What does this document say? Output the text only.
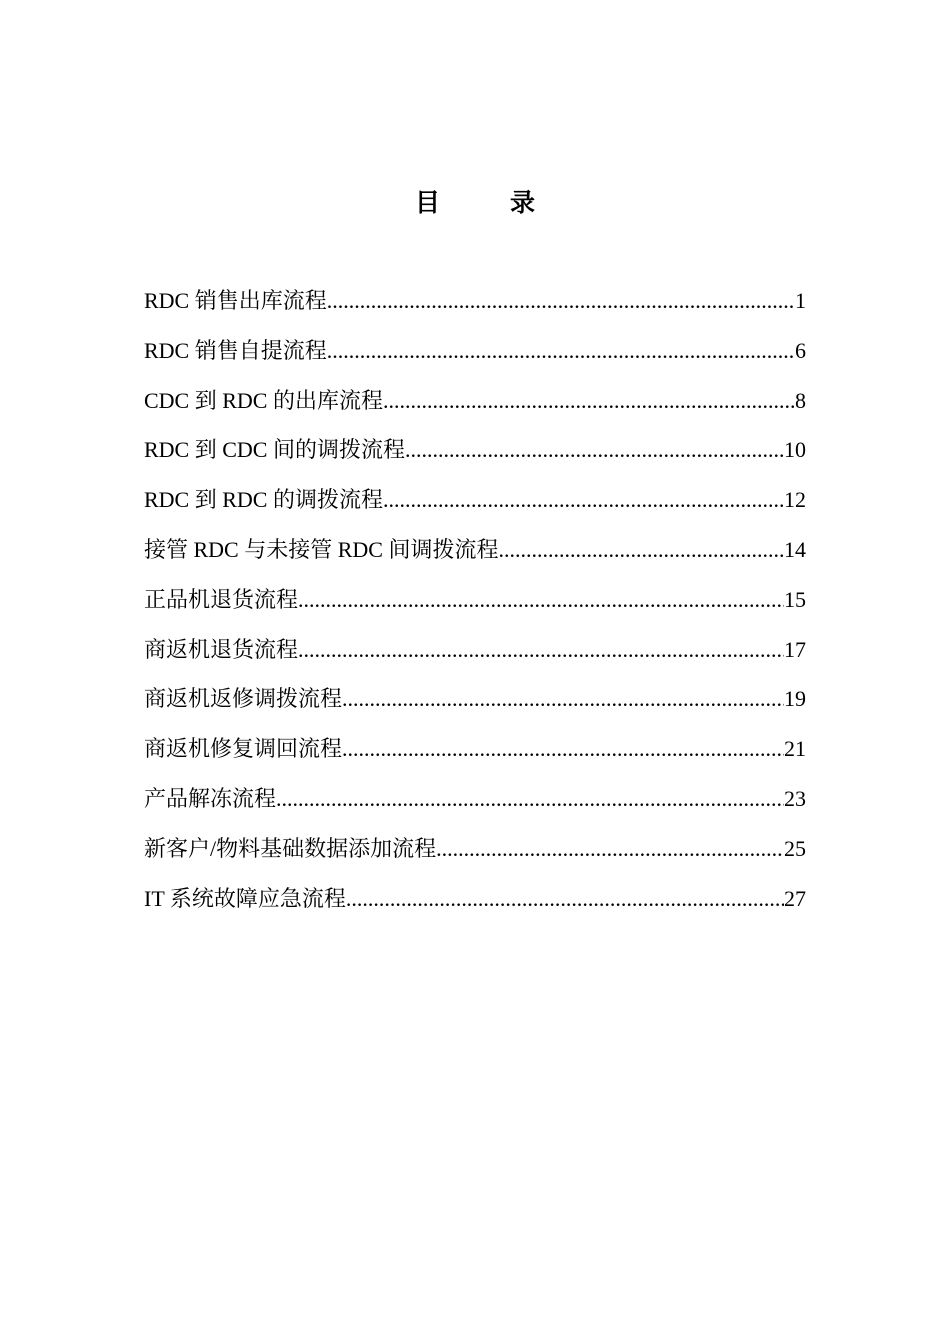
目	录
RDC 销售出库流程 .....	1
RDC 销售自提流程 .....	6
CDC 到 RDC 的出库流程 .....	8
RDC 到 CDC 间的调拨流程 .....	10
RDC 到 RDC 的调拨流程 .....	12
接管 RDC 与未接管 RDC 间调拨流程 .....	14
正品机退货流程 .....	15
商返机退货流程 .....	17
商返机返修调拨流程 .....	19
商返机修复调回流程 .....	21
产品解冻流程 .....	23
新客户/物料基础数据添加流程 .....	25
IT 系统故障应急流程 .....	27
